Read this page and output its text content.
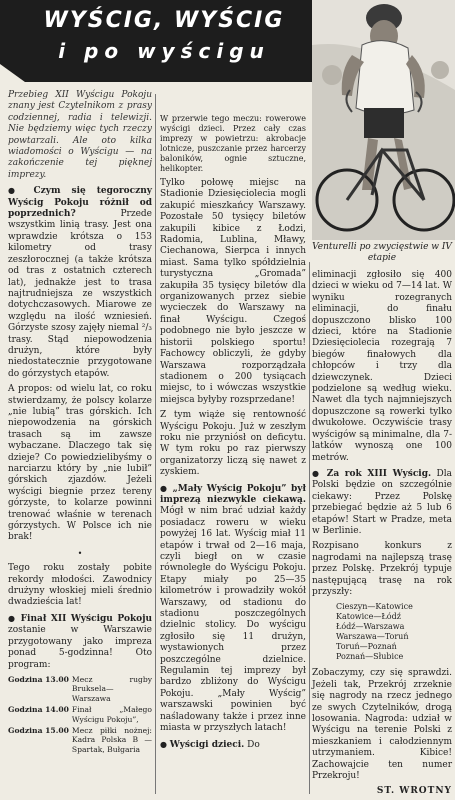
WYŚCIG, WYŚCIG
i po wyścigu
Venturelli po zwycięstwie w IV etapie

Przebieg XII Wyścigu Pokoju znany jest Czytelnikom z prasy codziennej, radia i telewizji. Nie będziemy więc tych rzeczy powtarzali. Ale oto kilka wiadomości o Wyścigu — na zakończenie tej pięknej imprezy.

● Czym się tegoroczny Wyścig Pokoju różnił od poprzednich?	Przede wszystkim linią trasy. Jest ona wprawdzie krótsza o 153 kilometry od trasy zeszłorocznej (a także krótsza od tras z ostatnich czterech lat), jednakże jest to trasa najtrudniejsza ze wszystkich dotychczasowych. Miarowe ze względu na ilość wzniesień. Górzyste szosy zajęły niemal ²/₃ trasy. Stąd niepowodzenia drużyn, które były niedostatecznie przygotowane do górzystych etapów.

A propos: od wielu lat, co roku stwierdzamy, że polscy kolarze „nie lubią” tras górskich. Ich niepowodzenia na górskich trasach są im zawsze wybaczane. Dlaczego tak się dzieje? Co powiedzielibyśmy o narciarzu który by „nie lubił” górskich zjazdów. Jeżeli wyścigi biegnie przez tereny górzyste, to kolarze powinni trenować właśnie w terenach górzystych. W Polsce ich nie brak!

•

Tego roku zostały pobite rekordy młodości. Zawodnicy drużyny włoskiej mieli średnio dwadzieścia lat!

● Finał XII Wyścigu Pokoju zostanie w Warszawie przygotowany jako impreza ponad 5-godzinna! Oto program:

Godzina 13.00	Mecz rugby Bruksela—Warszawa
Godzina 14.00	Finał „Małego Wyścigu Pokoju”,
Godzina 15.00	Mecz piłki nożnej: Kadra Polska B — Spartak, Bułgaria

W przerwie tego meczu: rowerowe wyścigi dzieci. Przez cały czas imprezy w powietrzu: akrobacje lotnicze, puszczanie przez harcerzy baloników, ognie sztuczne, helikopter.

Tylko połowę miejsc na Stadionie Dziesięciolecia mogli zakupić mieszkańcy Warszawy. Pozostałe 50 tysięcy biletów zakupili kibice z Łodzi, Radomia, Lublina, Mławy, Ciechanowa, Sierpca i innych miast. Sama tylko spółdzielnia turystyczna „Gromada” zakupiła 35 tysięcy biletów dla organizowanych przez siebie wycieczek do Warszawy na finał Wyścigu. Czegoś podobnego nie było jeszcze w historii polskiego sportu! Fachowcy obliczyli, że gdyby Warszawa rozporządzała stadionem o 200 tysiącach miejsc, to i wówczas wszystkie miejsca byłyby rozsprzedane!

Z tym wiąże się rentowność Wyścigu Pokoju. Już w zeszłym roku nie przyniósł on deficytu. W tym roku po raz pierwszy organizatorzy liczą się nawet z zyskiem.

● „Mały Wyścig Pokoju” był imprezą niezwykle ciekawą. Mógł w nim brać udział każdy posiadacz roweru w wieku powyżej 16 lat. Wyścig miał 11 etapów i trwał od 2—16 maja, czyli biegł on w czasie równoległe do Wyścigu Pokoju. Etapy miały po 25—35 kilometrów i prowadziły wokół Warszawy, od stadionu do stadionu poszczególnych dzielnic stolicy. Do wyścigu zgłosiło się 11 drużyn, wystawionych przez poszczególne dzielnice. Regulamin tej imprezy był bardzo zbliżony do Wyścigu Pokoju. „Mały Wyścig” warszawski powinien być naśladowany także i przez inne miasta w przyszłych latach!

● Wyścigi dzieci. Do

eliminacji zgłosiło się 400 dzieci w wieku od 7—14 lat. W wyniku rozegranych eliminacji, do finału dopuszczono blisko 100 dzieci, które na Stadionie Dziesięciolecia rozegrają 7 biegów finałowych dla chłopców i trzy dla dziewczynek. Dzieci podzielone są według wieku. Nawet dla tych najmniejszych dopuszczone są rowerki tylko dwukołowe. Oczywiście trasy wyścigów są minimalne, dla 7-latków wynoszą one 100 metrów.

● Za rok XIII Wyścig. Dla Polski będzie on szczególnie ciekawy: Przez Polskę przebiegać będzie aż 5 lub 6 etapów! Start w Pradze, meta w Berlinie.

Rozpisano konkurs z nagrodami na najlepszą trasę przez Polskę. Przekrój typuje następującą trasę na rok przyszły:

Cieszyn—Katowice
Katowice—Łódź
Łódź—Warszawa
Warszawa—Toruń
Toruń—Poznań
Poznań—Słubice

Zobaczymy, czy się sprawdzi. Jeżeli tak, Przekrój zrzeknie się nagrody na rzecz jednego ze swych Czytelników, drogą losowania. Nagroda: udział w Wyścigu na terenie Polski z mieszkaniem i całodziennym utrzymaniem. Kibice! Zachowajcie ten numer Przekroju!

ST. WROTNY
